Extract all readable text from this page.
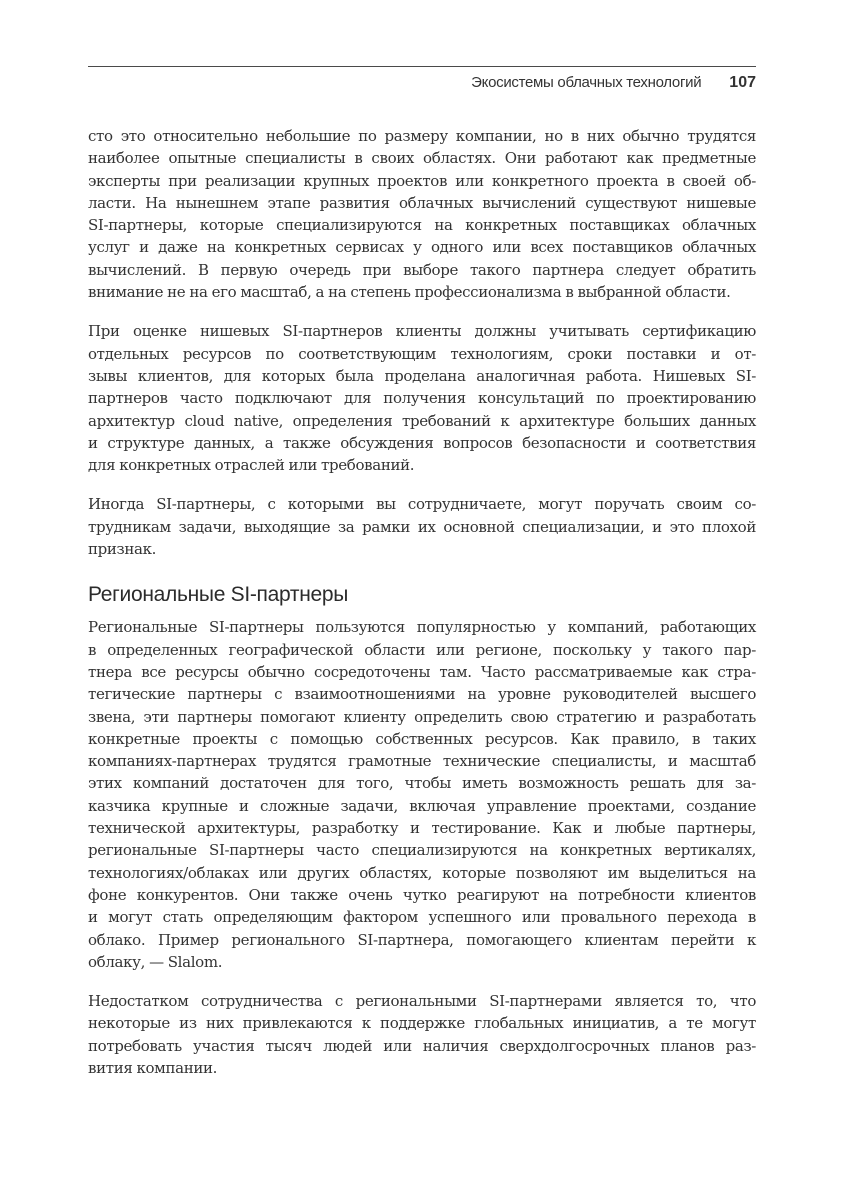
Экосистемы облачных технологий 107

сто это относительно небольшие по размеру компании, но в них обычно трудятся
наиболее опытные специалисты в своих областях. Они работают как предметные
эксперты при реализации крупных проектов или конкретного проекта в своей об-
ласти. На нынешнем этапе развития облачных вычислений существуют нишевые
SI-партнеры, которые специализируются на конкретных поставщиках облачных
услуг и даже на конкретных сервисах у одного или всех поставщиков облачных
вычислений. В первую очередь при выборе такого партнера следует обратить
внимание не на его масштаб, а на степень профессионализма в выбранной области.

При оценке нишевых SI-партнеров клиенты должны учитывать сертификацию
отдельных ресурсов по соответствующим технологиям, сроки поставки и от-
зывы клиентов, для которых была проделана аналогичная работа. Нишевых SI-
партнеров часто подключают для получения консультаций по проектированию
архитектур cloud native, определения требований к архитектуре больших данных
и структуре данных, а также обсуждения вопросов безопасности и соответствия
для конкретных отраслей или требований.

Иногда SI-партнеры, с которыми вы сотрудничаете, могут поручать своим со-
трудникам задачи, выходящие за рамки их основной специализации, и это плохой
признак.

Региональные SI-партнеры

Региональные SI-партнеры пользуются популярностью у компаний, работающих
в определенных географической области или регионе, поскольку у такого пар-
тнера все ресурсы обычно сосредоточены там. Часто рассматриваемые как стра-
тегические партнеры с взаимоотношениями на уровне руководителей высшего
звена, эти партнеры помогают клиенту определить свою стратегию и разработать
конкретные проекты с помощью собственных ресурсов. Как правило, в таких
компаниях-партнерах трудятся грамотные технические специалисты, и масштаб
этих компаний достаточен для того, чтобы иметь возможность решать для за-
казчика крупные и сложные задачи, включая управление проектами, создание
технической архитектуры, разработку и тестирование. Как и любые партнеры,
региональные SI-партнеры часто специализируются на конкретных вертикалях,
технологиях/облаках или других областях, которые позволяют им выделиться на
фоне конкурентов. Они также очень чутко реагируют на потребности клиентов
и могут стать определяющим фактором успешного или провального перехода в
облако. Пример регионального SI-партнера, помогающего клиентам перейти к
облаку, — Slalom.

Недостатком сотрудничества с региональными SI-партнерами является то, что
некоторые из них привлекаются к поддержке глобальных инициатив, а те могут
потребовать участия тысяч людей или наличия сверхдолгосрочных планов раз-
вития компании.
